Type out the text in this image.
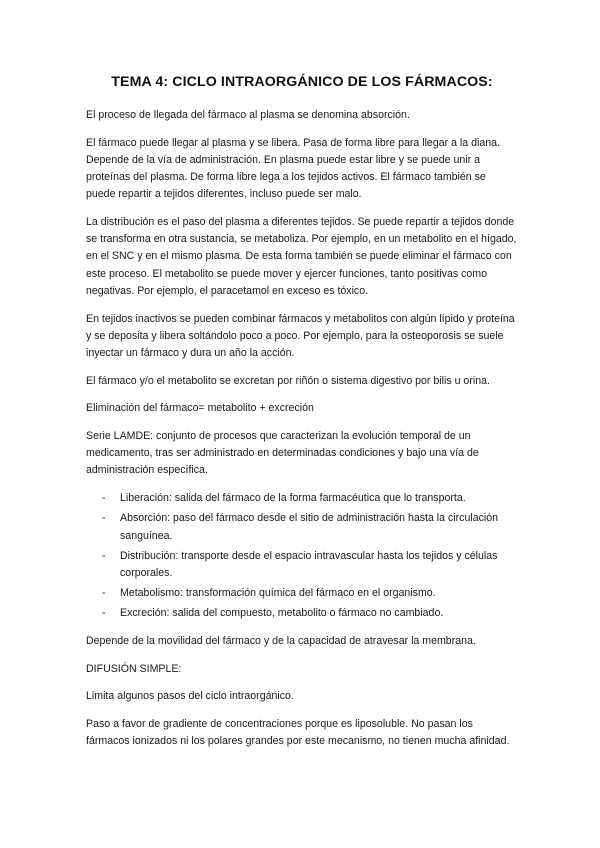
TEMA 4: CICLO INTRAORGÁNICO DE LOS FÁRMACOS:

El proceso de llegada del fármaco al plasma se denomina absorción.

El fármaco puede llegar al plasma y se libera. Pasa de forma libre para llegar a la diana. Depende de la vía de administración. En plasma puede estar libre y se puede unir a proteínas del plasma. De forma libre lega a los tejidos activos. El fármaco también se puede repartir a tejidos diferentes, incluso puede ser malo.

La distribución es el paso del plasma a diferentes tejidos. Se puede repartir a tejidos donde se transforma en otra sustancia, se metaboliza. Por ejemplo, en un metabolito en el hígado, en el SNC y en el mismo plasma. De esta forma también se puede eliminar el fármaco con este proceso. El metabolito se puede mover y ejercer funciones, tanto positivas como negativas. Por ejemplo, el paracetamol en exceso es tóxico.

En tejidos inactivos se pueden combinar fármacos y metabolitos con algún lípido y proteína y se deposita y libera soltándolo poco a poco. Por ejemplo, para la osteoporosis se suele inyectar un fármaco y dura un año la acción.

El fármaco y/o el metabolito se excretan por riñón o sistema digestivo por bilis u orina.

Eliminación del fármaco= metabolito + excreción

Serie LAMDE: conjunto de procesos que caracterizan la evolución temporal de un medicamento, tras ser administrado en determinadas condiciones y bajo una vía de administración específica.

- Liberación: salida del fármaco de la forma farmacéutica que lo transporta.
- Absorción: paso del fármaco desde el sitio de administración hasta la circulación sanguínea.
- Distribución: transporte desde el espacio intravascular hasta los tejidos y células corporales.
- Metabolismo: transformación química del fármaco en el organismo.
- Excreción: salida del compuesto, metabolito o fármaco no cambiado.

Depende de la movilidad del fármaco y de la capacidad de atravesar la membrana.

DIFUSIÓN SIMPLE:

Limita algunos pasos del ciclo intraorgánico.

Paso a favor de gradiente de concentraciones porque es liposoluble. No pasan los fármacos ionizados ni los polares grandes por este mecanismo, no tienen mucha afinidad.
